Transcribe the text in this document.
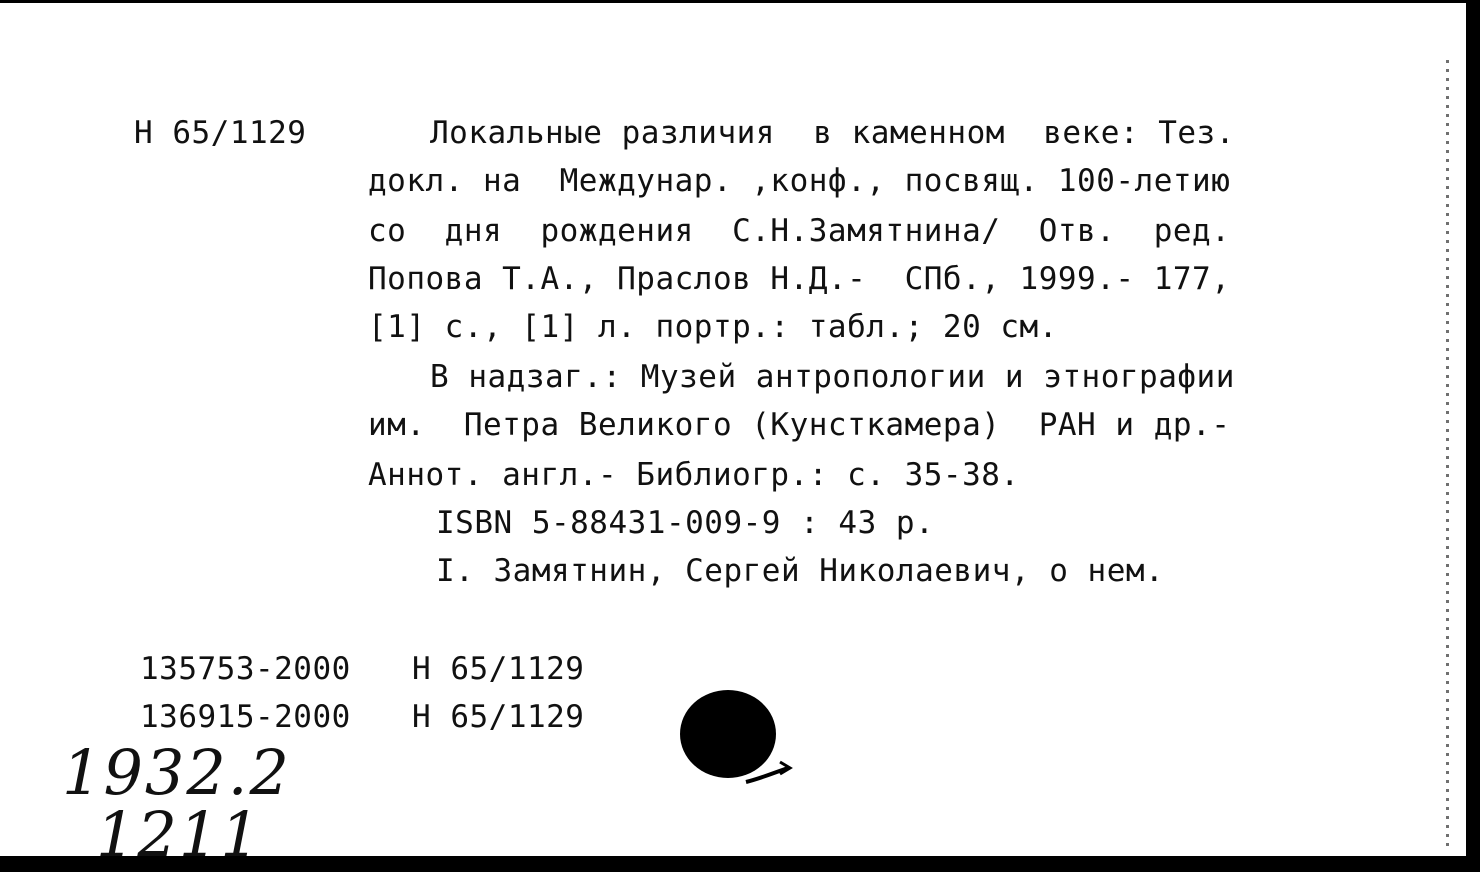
Н 65/1129	Локальные различия  в каменном  веке: Тез.

докл. на  Междунар. ,конф., посвящ. 100-летию

со  дня  рождения  С.Н.Замятнина/  Отв.  ред.

Попова Т.А., Праслов Н.Д.-  СПб., 1999.- 177,

[1] с., [1] л. портр.: табл.; 20 см.

В надзаг.: Музей антропологии и этнографии

им.  Петра Великого (Кунсткамера)  РАН и др.-

Аннот. англ.- Библиогр.: с. 35-38.

ISBN 5-88431-009-9 : 43 р.

I. Замятнин, Сергей Николаевич, о нем.

135753-2000 Н 65/1129

136915-2000 Н 65/1129

1932.2

1211
